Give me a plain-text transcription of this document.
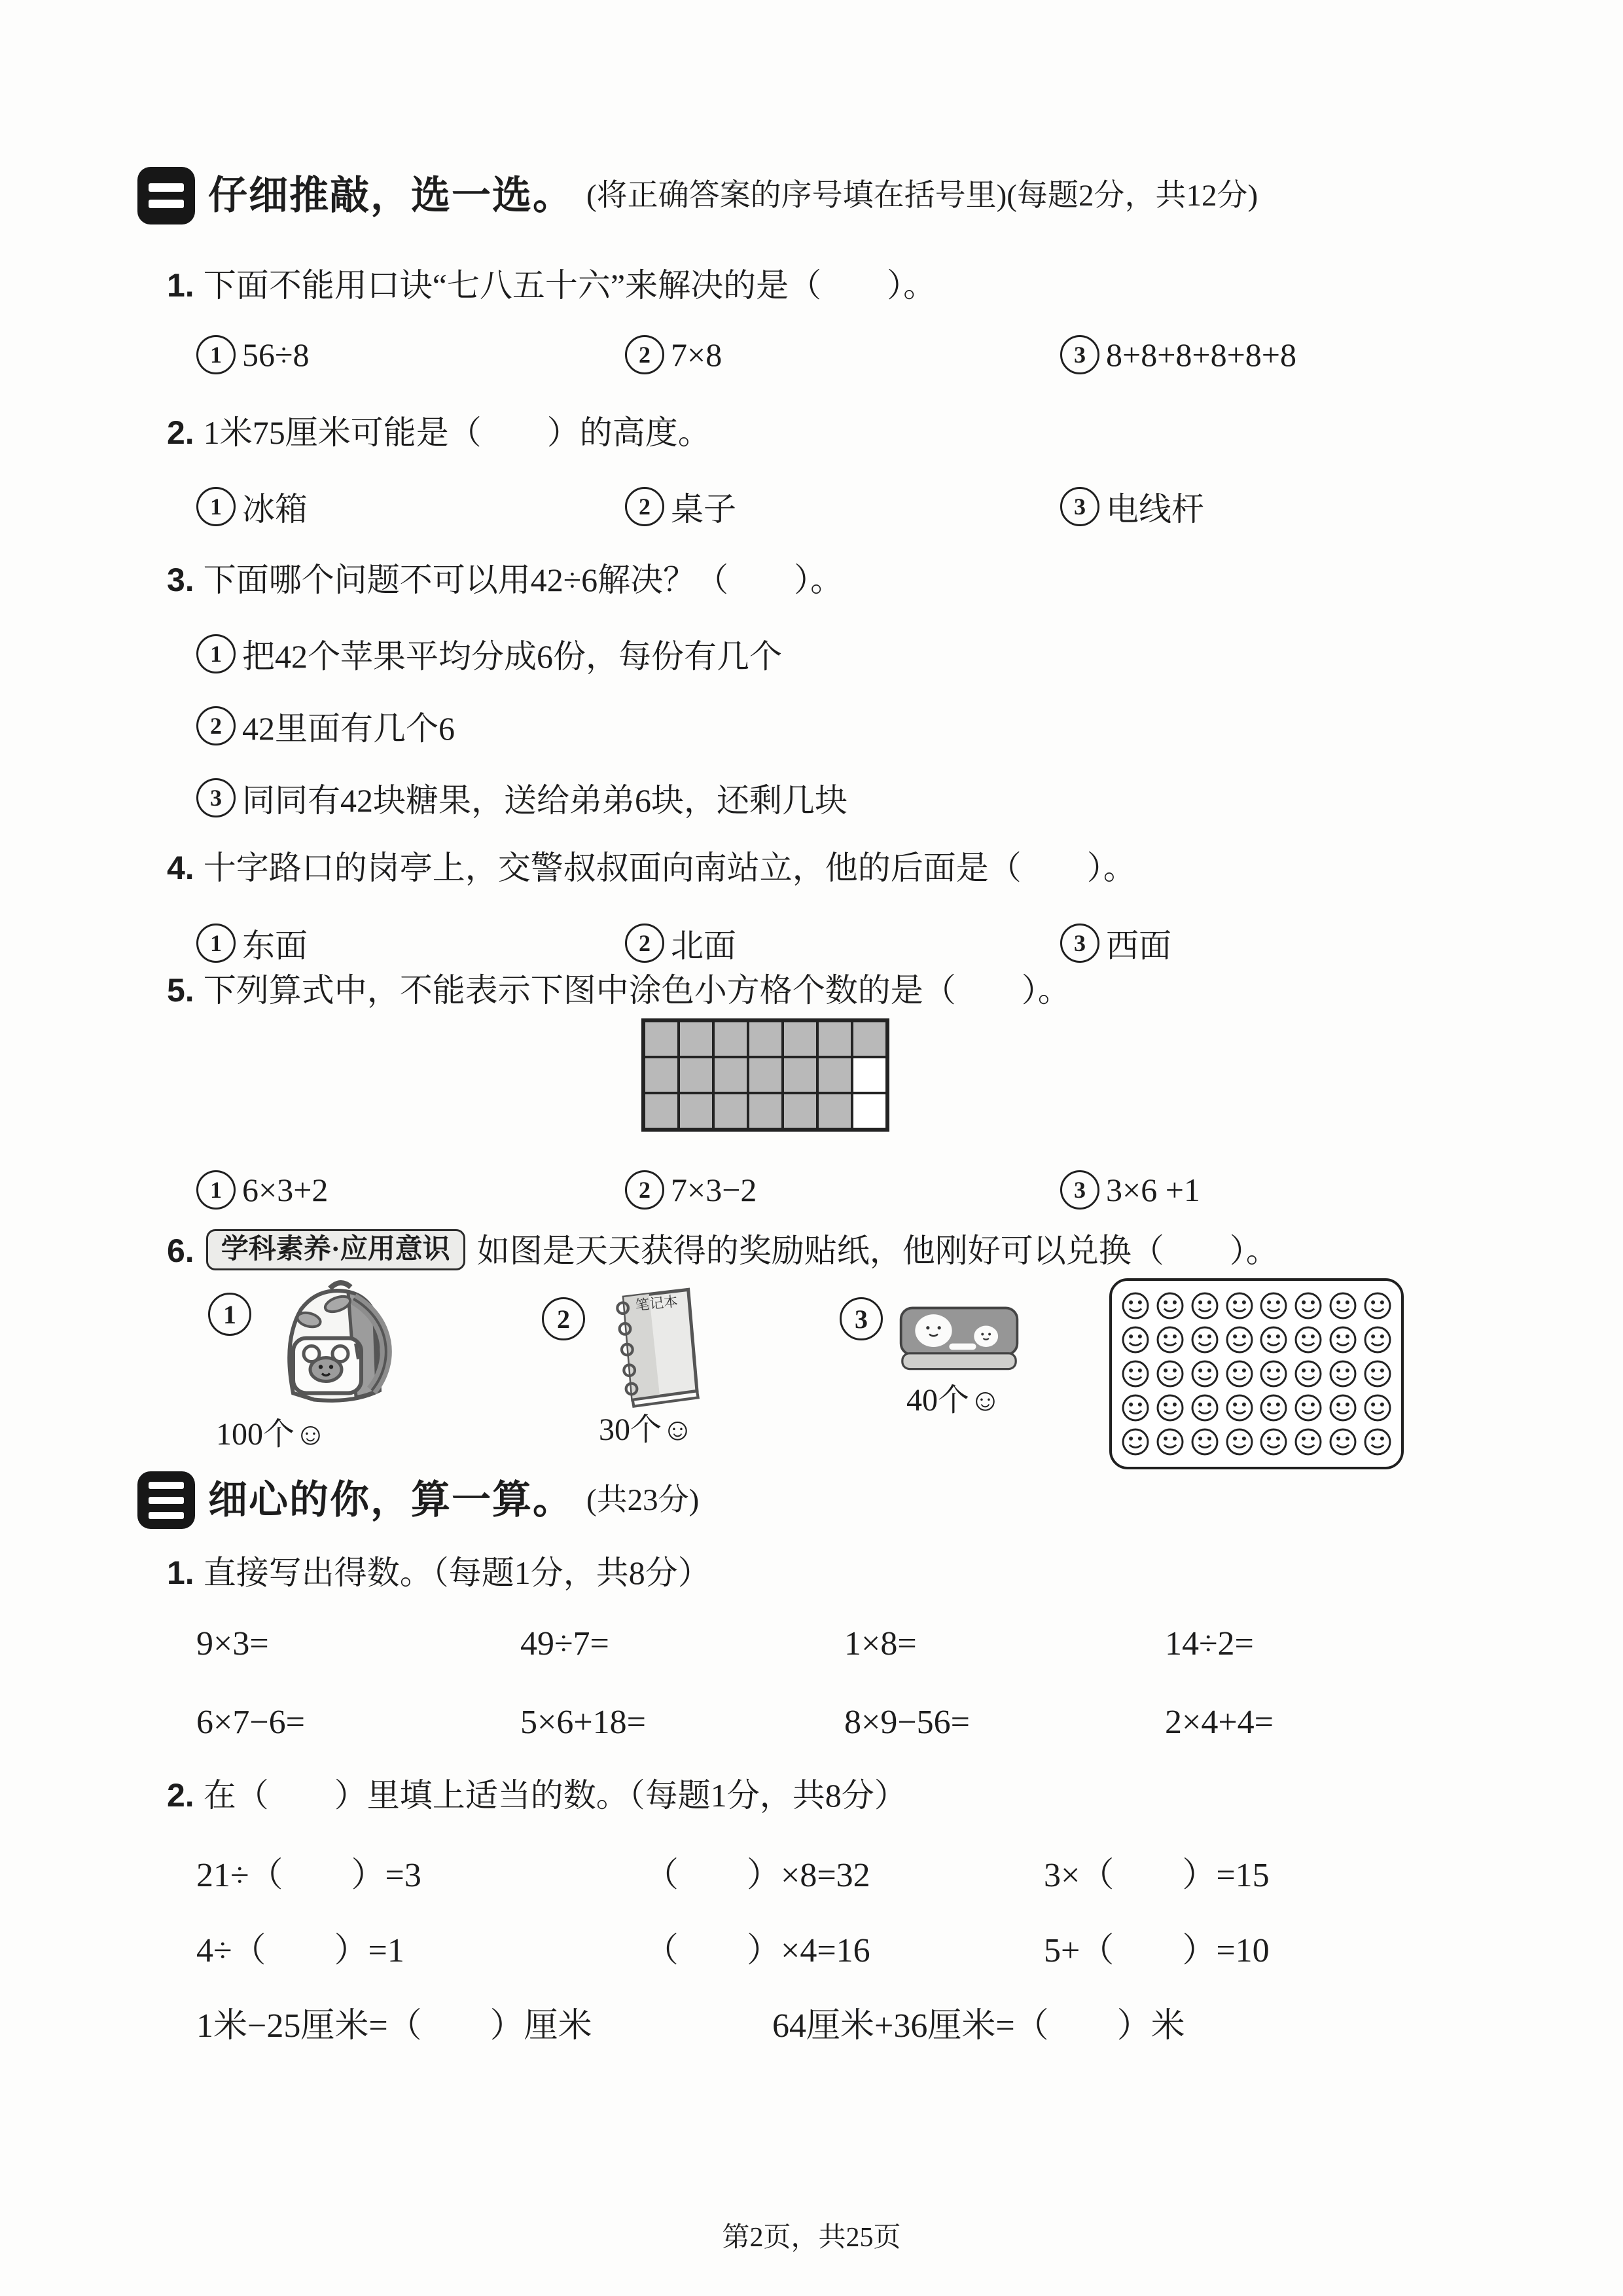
仔细推敲，选一选。 (将正确答案的序号填在括号里)(每题2分，共12分)
1. 下面不能用口诀“七八五十六”来解决的是（　　）。
1 56÷8	2 7×8	3 8+8+8+8+8+8
2. 1米75厘米可能是（　　）的高度。
1 冰箱	2 桌子	3 电线杆
3. 下面哪个问题不可以用42÷6解决？（　　）。
1 把42个苹果平均分成6份，每份有几个
2 42里面有几个6
3 同同有42块糖果，送给弟弟6块，还剩几块
4. 十字路口的岗亭上，交警叔叔面向南站立，他的后面是（　　）。
1 东面	2 北面	3 西面
5. 下列算式中，不能表示下图中涂色小方格个数的是（　　）。
1 6×3+2	2 7×3−2	3 3×6 +1
6. 学科素养·应用意识 如图是天天获得的奖励贴纸，他刚好可以兑换（　　）。
1
100个☺
2
笔记本
30个☺
3
40个☺
细心的你，算一算。 (共23分)
1. 直接写出得数。（每题1分，共8分）
9×3=	49÷7=	1×8=	14÷2=
6×7−6=	5×6+18=	8×9−56=	2×4+4=
2. 在（　　）里填上适当的数。（每题1分，共8分）
21÷（　　）=3	（　　）×8=32	3×（　　）=15
4÷（　　）=1	（　　）×4=16	5+（　　）=10
1米−25厘米=（　　）厘米	64厘米+36厘米=（　　）米
第2页，共25页
